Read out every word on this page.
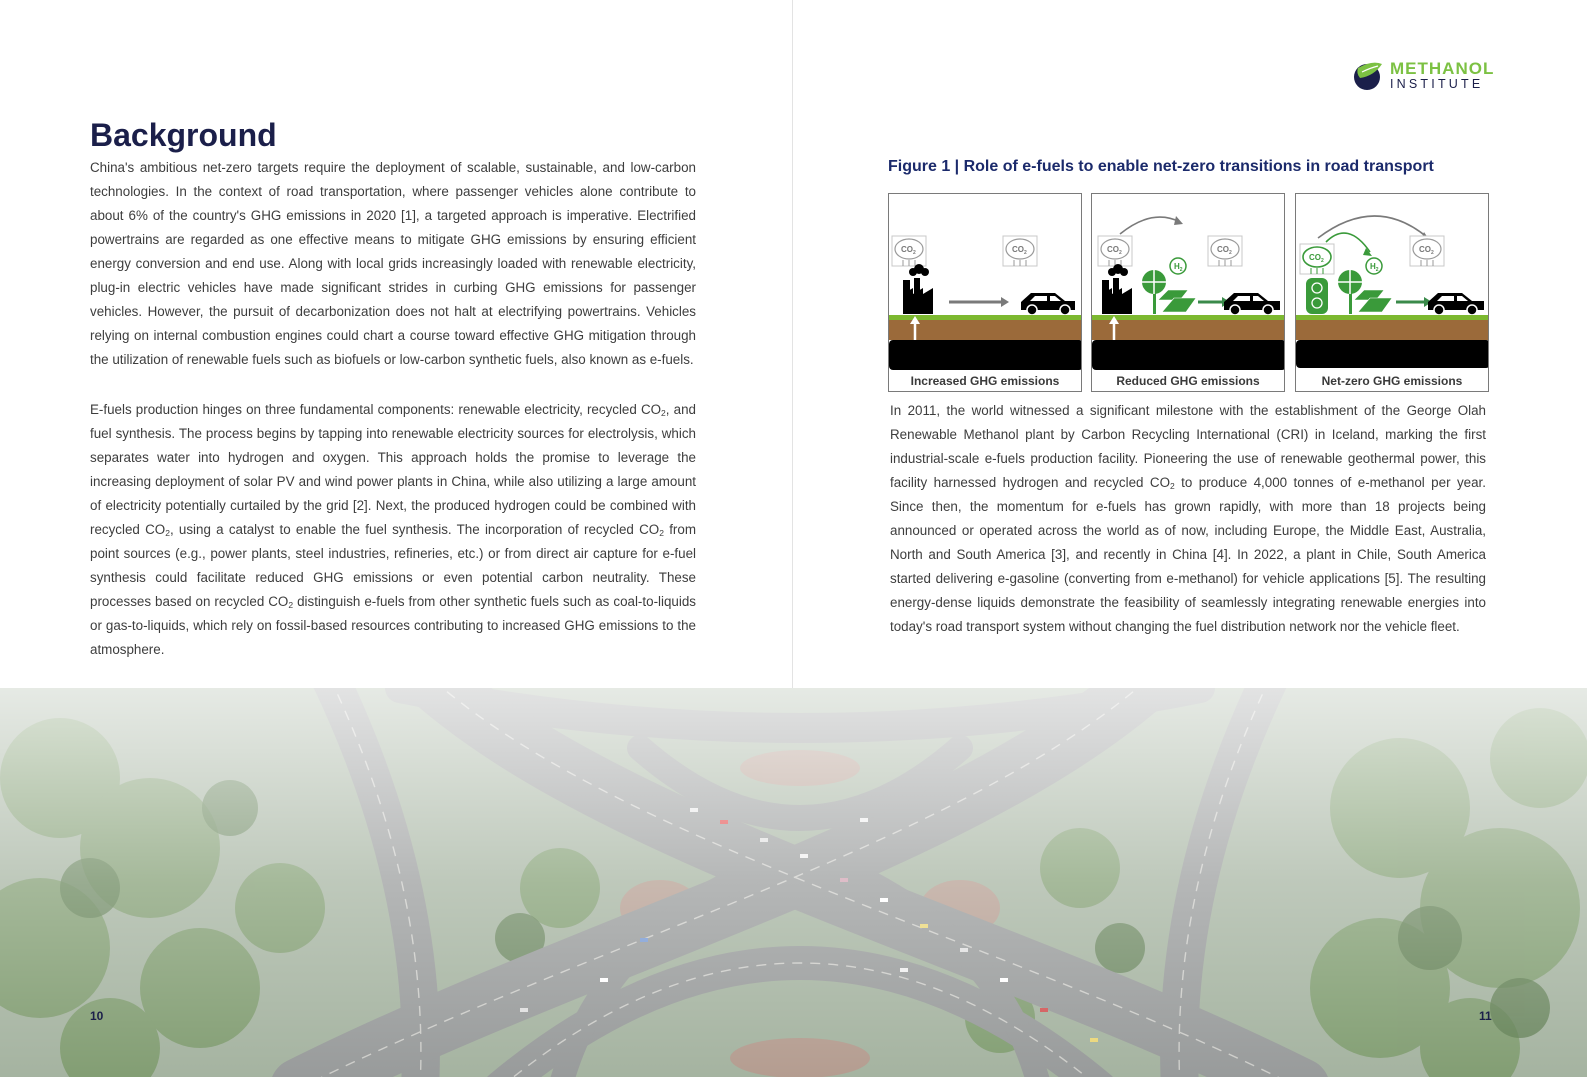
METHANOL
INSTITUTE
Background

China's ambitious net-zero targets require the deployment of scalable, sustainable, and low-carbon technologies. In the context of road transportation, where passenger vehicles alone contribute to about 6% of the country's GHG emissions in 2020 [1], a targeted approach is imperative. Electrified powertrains are regarded as one effective means to mitigate GHG emissions by ensuring efficient energy conversion and end use. Along with local grids increasingly loaded with renewable electricity, plug-in electric vehicles have made significant strides in curbing GHG emissions for passenger vehicles. However, the pursuit of decarbonization does not halt at electrifying powertrains. Vehicles relying on internal combustion engines could chart a course toward effective GHG mitigation through the utilization of renewable fuels such as biofuels or low-carbon synthetic fuels, also known as e-fuels.

E-fuels production hinges on three fundamental components: renewable electricity, recycled $CO_2$, and fuel synthesis. The process begins by tapping into renewable electricity sources for electrolysis, which separates water into hydrogen and oxygen. This approach holds the promise to leverage the increasing deployment of solar PV and wind power plants in China, while also utilizing a large amount of electricity potentially curtailed by the grid [2]. Next, the produced hydrogen could be combined with recycled $CO_2$, using a catalyst to enable the fuel synthesis. The incorporation of recycled $CO_2$ from point sources (e.g., power plants, steel industries, refineries, etc.) or from direct air capture for e-fuel synthesis could facilitate reduced GHG emissions or even potential carbon neutrality. These processes based on recycled $CO_2$ distinguish e-fuels from other synthetic fuels such as coal-to-liquids or gas-to-liquids, which rely on fossil-based resources contributing to increased GHG emissions to the atmosphere.

Figure 1 | Role of e-fuels to enable net-zero transitions in road transport
$CO_2$	$CO_2$
Increased GHG emissions
$CO_2$	$CO_2$
$H_2$
Reduced GHG emissions
$CO_2$
$CO_2$
$H_2$
Net-zero GHG emissions

In 2011, the world witnessed a significant milestone with the establishment of the George Olah Renewable Methanol plant by Carbon Recycling International (CRI) in Iceland, marking the first industrial-scale e-fuels production facility. Pioneering the use of renewable geothermal power, this facility harnessed hydrogen and recycled $CO_2$ to produce 4,000 tonnes of e-methanol per year. Since then, the momentum for e-fuels has grown rapidly, with more than 18 projects being announced or operated across the world as of now, including Europe, the Middle East, Australia, North and South America [3], and recently in China [4]. In 2022, a plant in Chile, South America started delivering e-gasoline (converting from e-methanol) for vehicle applications [5]. The resulting energy-dense liquids demonstrate the feasibility of seamlessly integrating renewable energies into today's road transport system without changing the fuel distribution network nor the vehicle fleet.

10	11
